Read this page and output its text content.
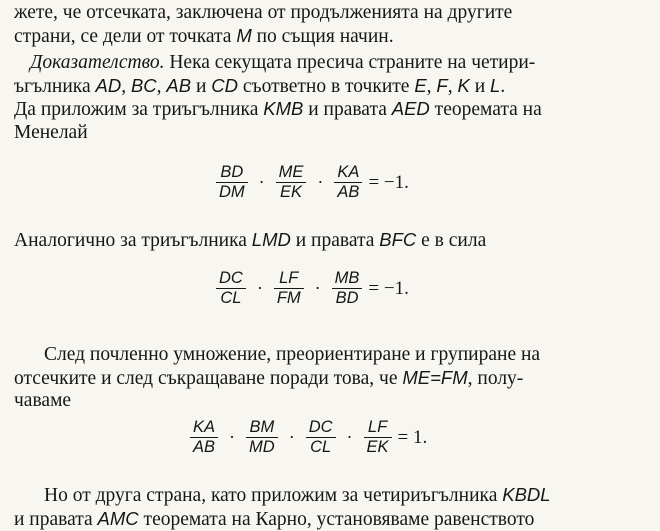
жете, че отсечката, заключена от продълженията на другите
страни, се дели от точката M по същия начин.
Доказателство. Нека секущата пресича страните на четири-
ъгълника AD, BC, AB и CD съответно в точките E, F, K и L.
Да приложим за триъгълника KMB и правата AED теоремата на
Менелай
$\frac{BD}{DM} \cdot \frac{ME}{EK} \cdot \frac{KA}{AB} = -1$.
Аналогично за триъгълника LMD и правата BFC е в сила
$\frac{DC}{CL} \cdot \frac{LF}{FM} \cdot \frac{MB}{BD} = -1$.
След почленно умножение, преориентиране и групиране на
отсечките и след съкращаване поради това, че ME=FM, полу-
чаваме
$\frac{KA}{AB} \cdot \frac{BM}{MD} \cdot \frac{DC}{CL} \cdot \frac{LF}{EK} = 1$.
Но от друга страна, като приложим за четириъгълника KBDL
и правата AMC теоремата на Карно, установяваме равенството
